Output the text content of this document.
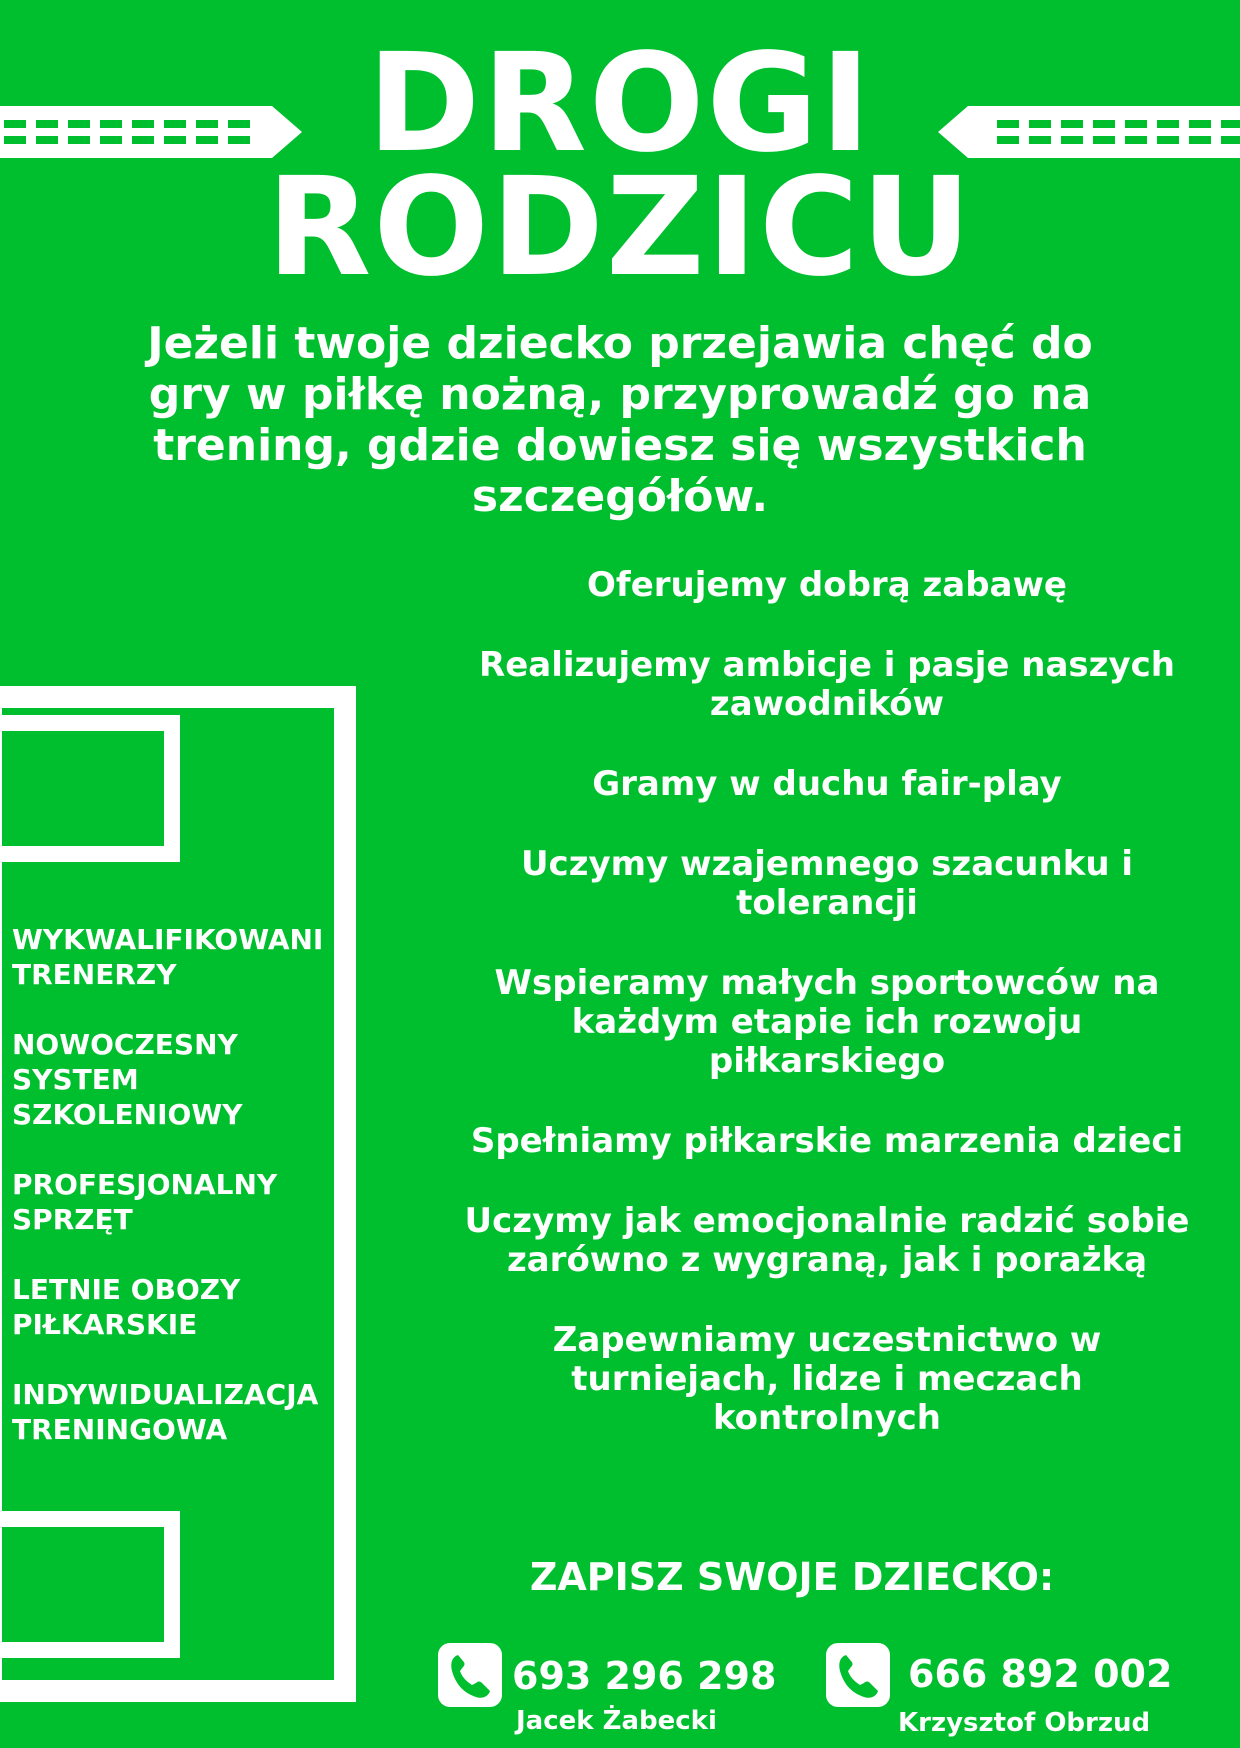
DROGI
RODZICU
Jeżeli twoje dziecko przejawia chęć do gry w piłkę nożną, przyprowadź go na trening, gdzie dowiesz się wszystkich szczegółów.
Oferujemy dobrą zabawę
Realizujemy ambicje i pasje naszych zawodników
Gramy w duchu fair-play
Uczymy wzajemnego szacunku i tolerancji
Wspieramy małych sportowców na każdym etapie ich rozwoju piłkarskiego
Spełniamy piłkarskie marzenia dzieci
Uczymy jak emocjonalnie radzić sobie zarówno z wygraną, jak i porażką
Zapewniamy uczestnictwo w turniejach, lidze i meczach kontrolnych
WYKWALIFIKOWANI TRENERZY
NOWOCZESNY SYSTEM SZKOLENIOWY
PROFESJONALNY SPRZĘT
LETNIE OBOZY PIŁKARSKIE
INDYWIDUALIZACJA TRENINGOWA
ZAPISZ SWOJE DZIECKO:
693 296 298
Jacek Żabecki
666 892 002
Krzysztof Obrzud
